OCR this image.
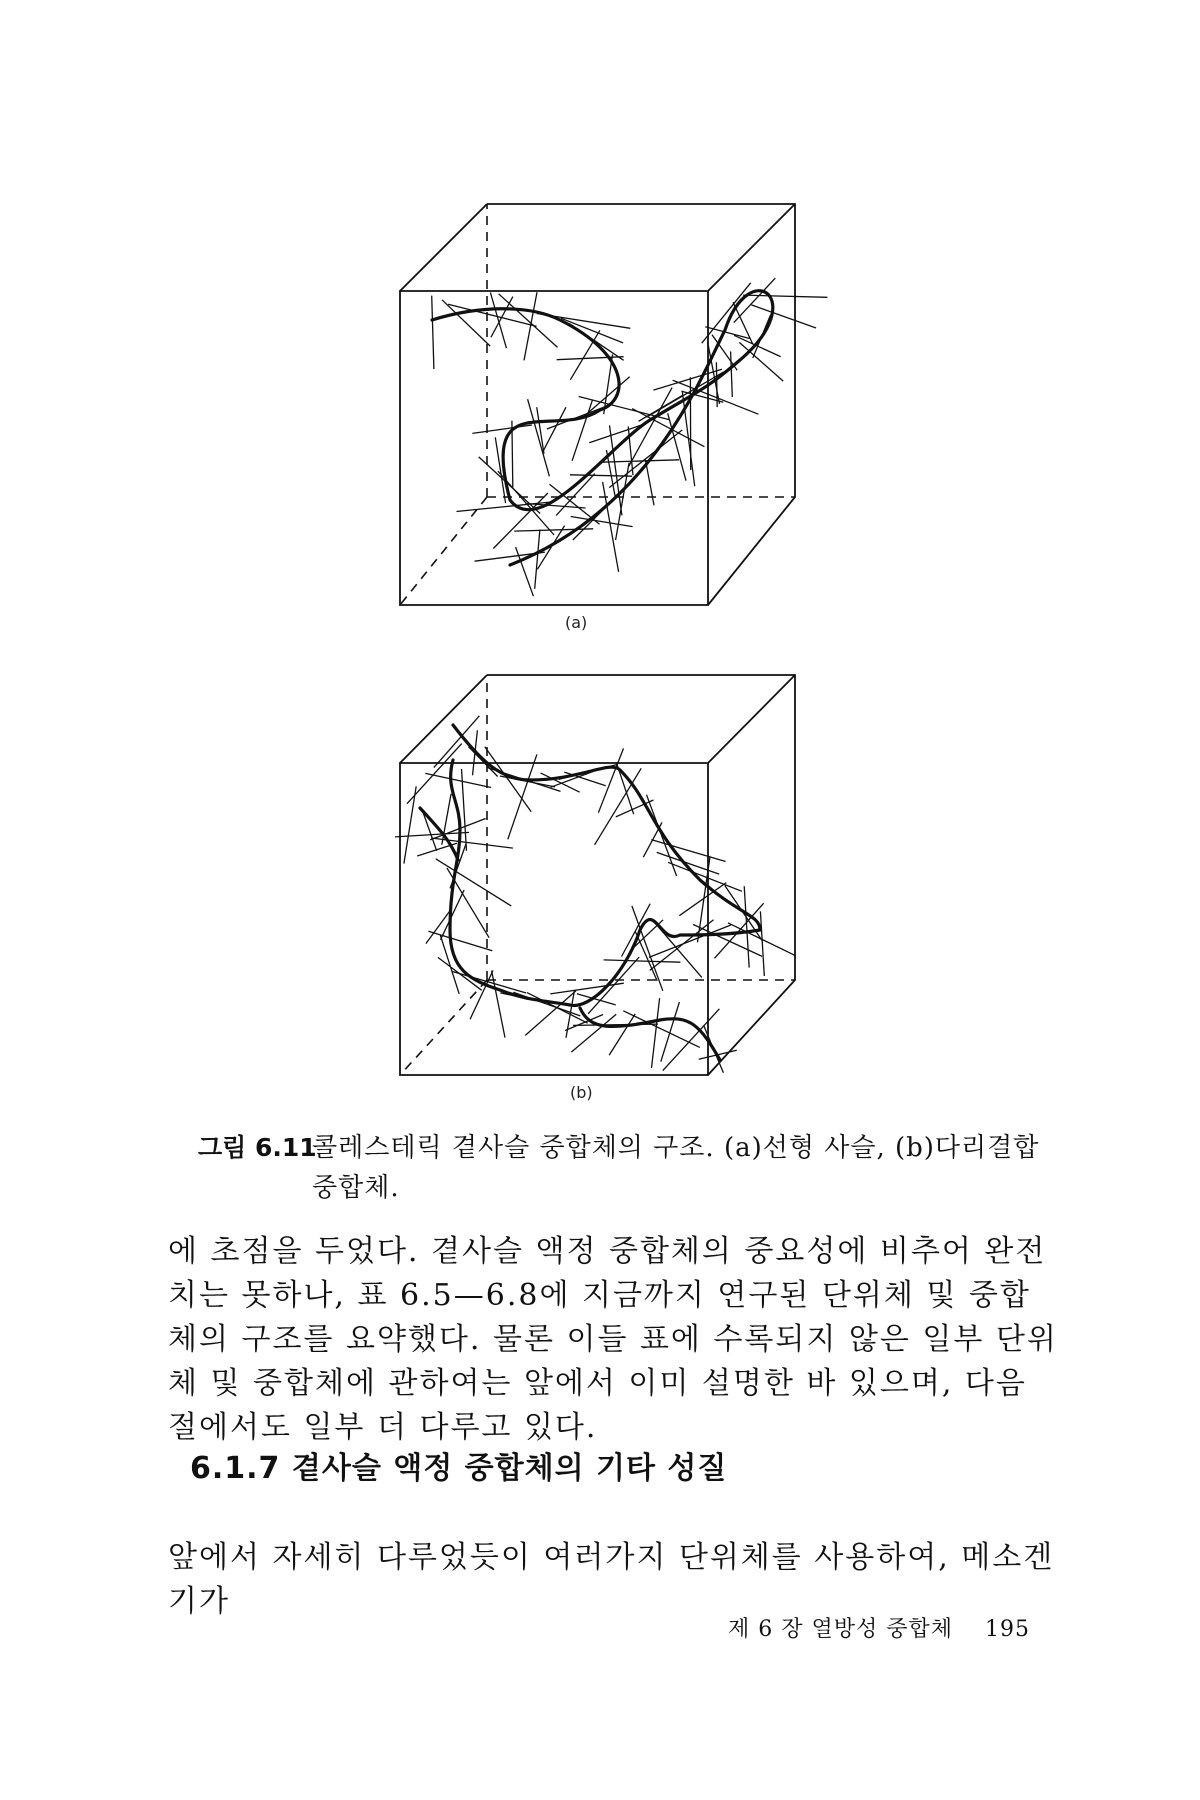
(a)
(b)
그림 6.11
콜레스테릭 곁사슬 중합체의 구조. (a)선형 사슬, (b)다리결합 중합체.
에 초점을 두었다. 곁사슬 액정 중합체의 중요성에 비추어 완전치는 못하나, 표 6.5—6.8에 지금까지 연구된 단위체 및 중합체의 구조를 요약했다. 물론 이들 표에 수록되지 않은 일부 단위체 및 중합체에 관하여는 앞에서 이미 설명한 바 있으며, 다음 절에서도 일부 더 다루고 있다.
6.1.7 곁사슬 액정 중합체의 기타 성질
앞에서 자세히 다루었듯이 여러가지 단위체를 사용하여, 메소겐기가
제 6 장 열방성 중합체 195
